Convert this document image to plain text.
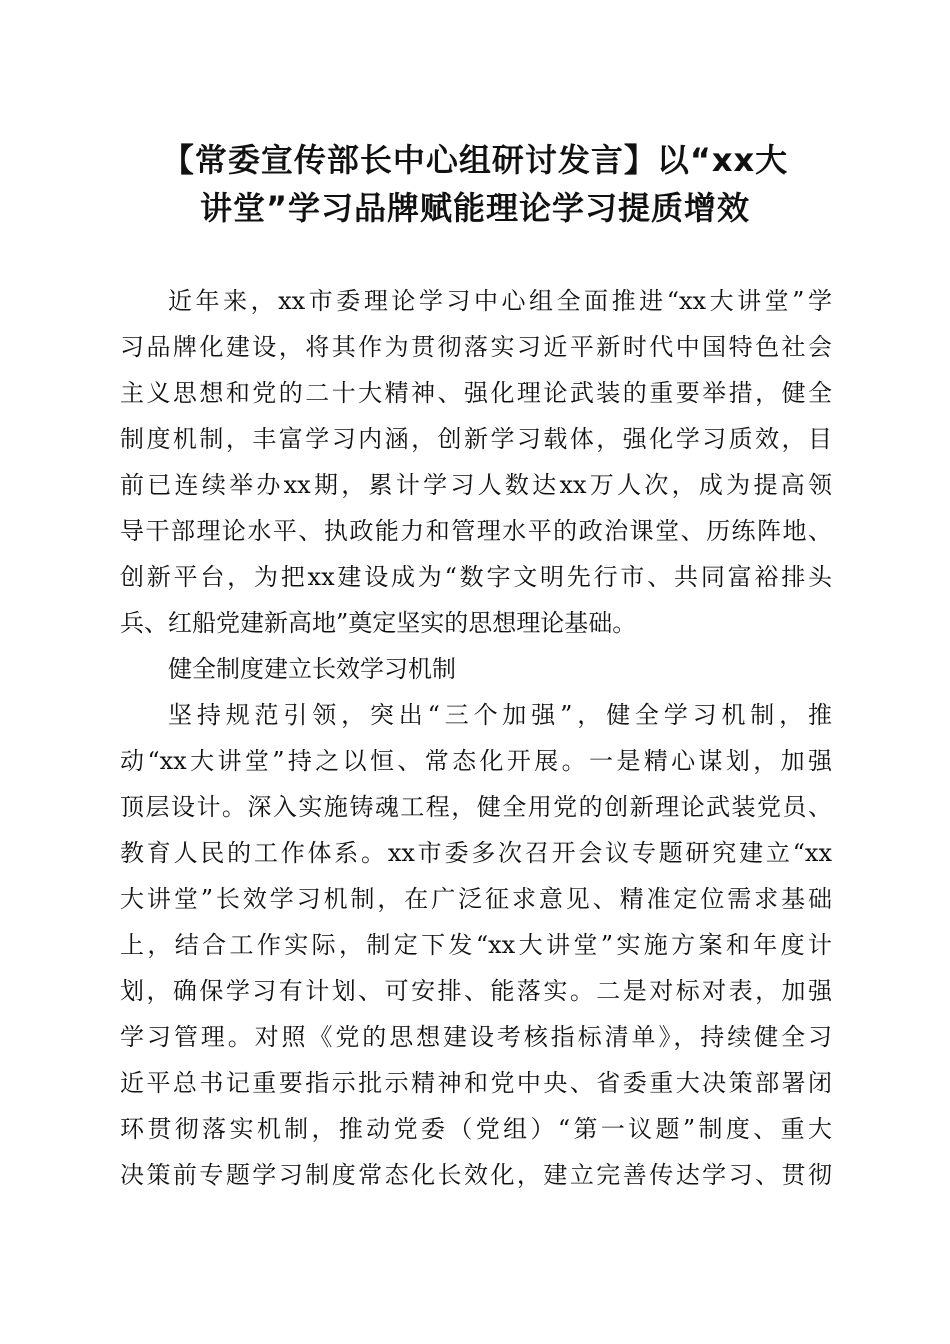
【常委宣传部长中心组研讨发言】以“xx大
讲堂”学习品牌赋能理论学习提质增效
近年来，xx市委理论学习中心组全面推进“xx大讲堂”学
习品牌化建设，将其作为贯彻落实习近平新时代中国特色社会
主义思想和党的二十大精神、强化理论武装的重要举措，健全
制度机制，丰富学习内涵，创新学习载体，强化学习质效，目
前已连续举办xx期，累计学习人数达xx万人次，成为提高领
导干部理论水平、执政能力和管理水平的政治课堂、历练阵地、
创新平台，为把xx建设成为“数字文明先行市、共同富裕排头
兵、红船党建新高地”奠定坚实的思想理论基础。
健全制度建立长效学习机制
坚持规范引领，突出“三个加强”，健全学习机制，推
动“xx大讲堂”持之以恒、常态化开展。一是精心谋划，加强
顶层设计。深入实施铸魂工程，健全用党的创新理论武装党员、
教育人民的工作体系。xx市委多次召开会议专题研究建立“xx
大讲堂”长效学习机制，在广泛征求意见、精准定位需求基础
上，结合工作实际，制定下发“xx大讲堂”实施方案和年度计
划，确保学习有计划、可安排、能落实。二是对标对表，加强
学习管理。对照《党的思想建设考核指标清单》，持续健全习
近平总书记重要指示批示精神和党中央、省委重大决策部署闭
环贯彻落实机制，推动党委（党组）“第一议题”制度、重大
决策前专题学习制度常态化长效化，建立完善传达学习、贯彻
